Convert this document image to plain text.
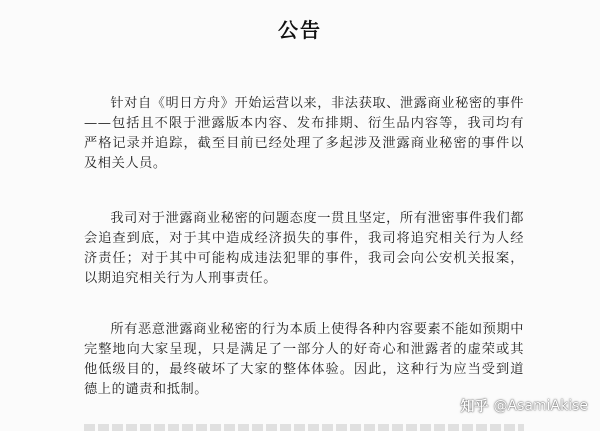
公告

针对自《明日方舟》开始运营以来，非法获取、泄露商业秘密的事件——包括且不限于泄露版本内容、发布排期、衍生品内容等，我司均有严格记录并追踪，截至目前已经处理了多起涉及泄露商业秘密的事件以及相关人员。

我司对于泄露商业秘密的问题态度一贯且坚定，所有泄密事件我们都会追查到底，对于其中造成经济损失的事件，我司将追究相关行为人经济责任；对于其中可能构成违法犯罪的事件，我司会向公安机关报案，以期追究相关行为人刑事责任。

所有恶意泄露商业秘密的行为本质上使得各种内容要素不能如预期中完整地向大家呈现，只是满足了一部分人的好奇心和泄露者的虚荣或其他低级目的，最终破坏了大家的整体体验。因此，这种行为应当受到道德上的谴责和抵制。

知乎 @AsamiAkise
